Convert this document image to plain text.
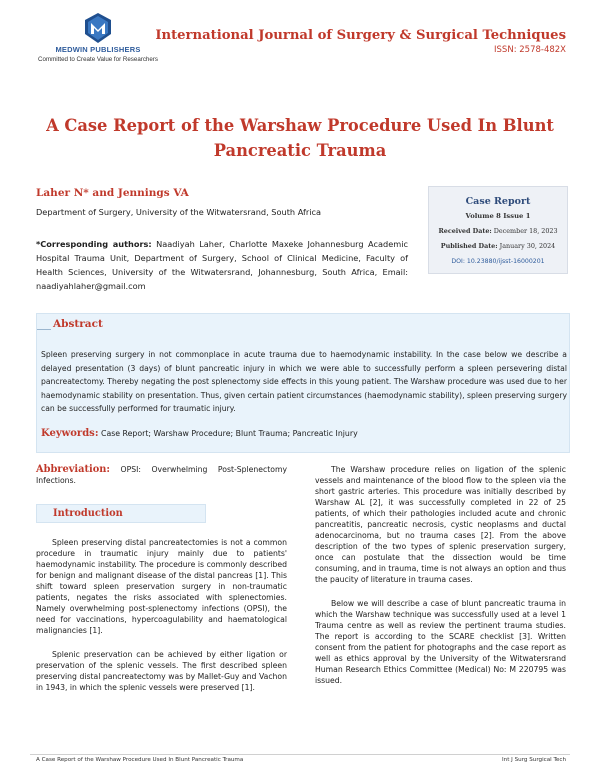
MEDWIN PUBLISHERS
Committed to Create Value for Researchers
International Journal of Surgery & Surgical Techniques
ISSN: 2578-482X
A Case Report of the Warshaw Procedure Used In Blunt Pancreatic Trauma
Laher N* and Jennings VA
Department of Surgery, University of the Witwatersrand, South Africa
*Corresponding authors: Naadiyah Laher, Charlotte Maxeke Johannesburg Academic Hospital Trauma Unit, Department of Surgery, School of Clinical Medicine, Faculty of Health Sciences, University of the Witwatersrand, Johannesburg, South Africa, Email: naadiyahlaher@gmail.com
Case Report
Volume 8 Issue 1
Received Date: December 18, 2023
Published Date: January 30, 2024
DOI: 10.23880/ijsst-16000201
Abstract
Spleen preserving surgery in not commonplace in acute trauma due to haemodynamic instability. In the case below we describe a delayed presentation (3 days) of blunt pancreatic injury in which we were able to successfully perform a spleen persevering distal pancreatectomy. Thereby negating the post splenectomy side effects in this young patient. The Warshaw procedure was used due to her haemodynamic stability on presentation. Thus, given certain patient circumstances (haemodynamic stability), spleen preserving surgery can be successfully performed for traumatic injury.
Keywords: Case Report; Warshaw Procedure; Blunt Trauma; Pancreatic Injury
Abbreviation: OPSI: Overwhelming Post-Splenectomy Infections.
Introduction

Spleen preserving distal pancreatectomies is not a common procedure in traumatic injury mainly due to patients' haemodynamic instability. The procedure is commonly described for benign and malignant disease of the distal pancreas [1]. This shift toward spleen preservation surgery in non-traumatic patients, negates the risks associated with splenectomies. Namely overwhelming post-splenectomy infections (OPSI), the need for vaccinations, hypercoagulability and haematological malignancies [1].

Splenic preservation can be achieved by either ligation or preservation of the splenic vessels. The first described spleen preserving distal pancreatectomy was by Mallet-Guy and Vachon in 1943, in which the splenic vessels were preserved [1].

The Warshaw procedure relies on ligation of the splenic vessels and maintenance of the blood flow to the spleen via the short gastric arteries. This procedure was initially described by Warshaw AL [2], it was successfully completed in 22 of 25 patients, of which their pathologies included acute and chronic pancreatitis, pancreatic necrosis, cystic neoplasms and ductal adenocarcinoma, but no trauma cases [2]. From the above description of the two types of splenic preservation surgery, once can postulate that the dissection would be time consuming, and in trauma, time is not always an option and thus the paucity of literature in trauma cases.

Below we will describe a case of blunt pancreatic trauma in which the Warshaw technique was successfully used at a level 1 Trauma centre as well as review the pertinent trauma studies. The report is according to the SCARE checklist [3]. Written consent from the patient for photographs and the case report as well as ethics approval by the University of the Witwatersrand Human Research Ethics Committee (Medical) No: M 220795 was issued.

A Case Report of the Warshaw Procedure Used In Blunt Pancreatic Trauma	Int J Surg Surgical Tech
